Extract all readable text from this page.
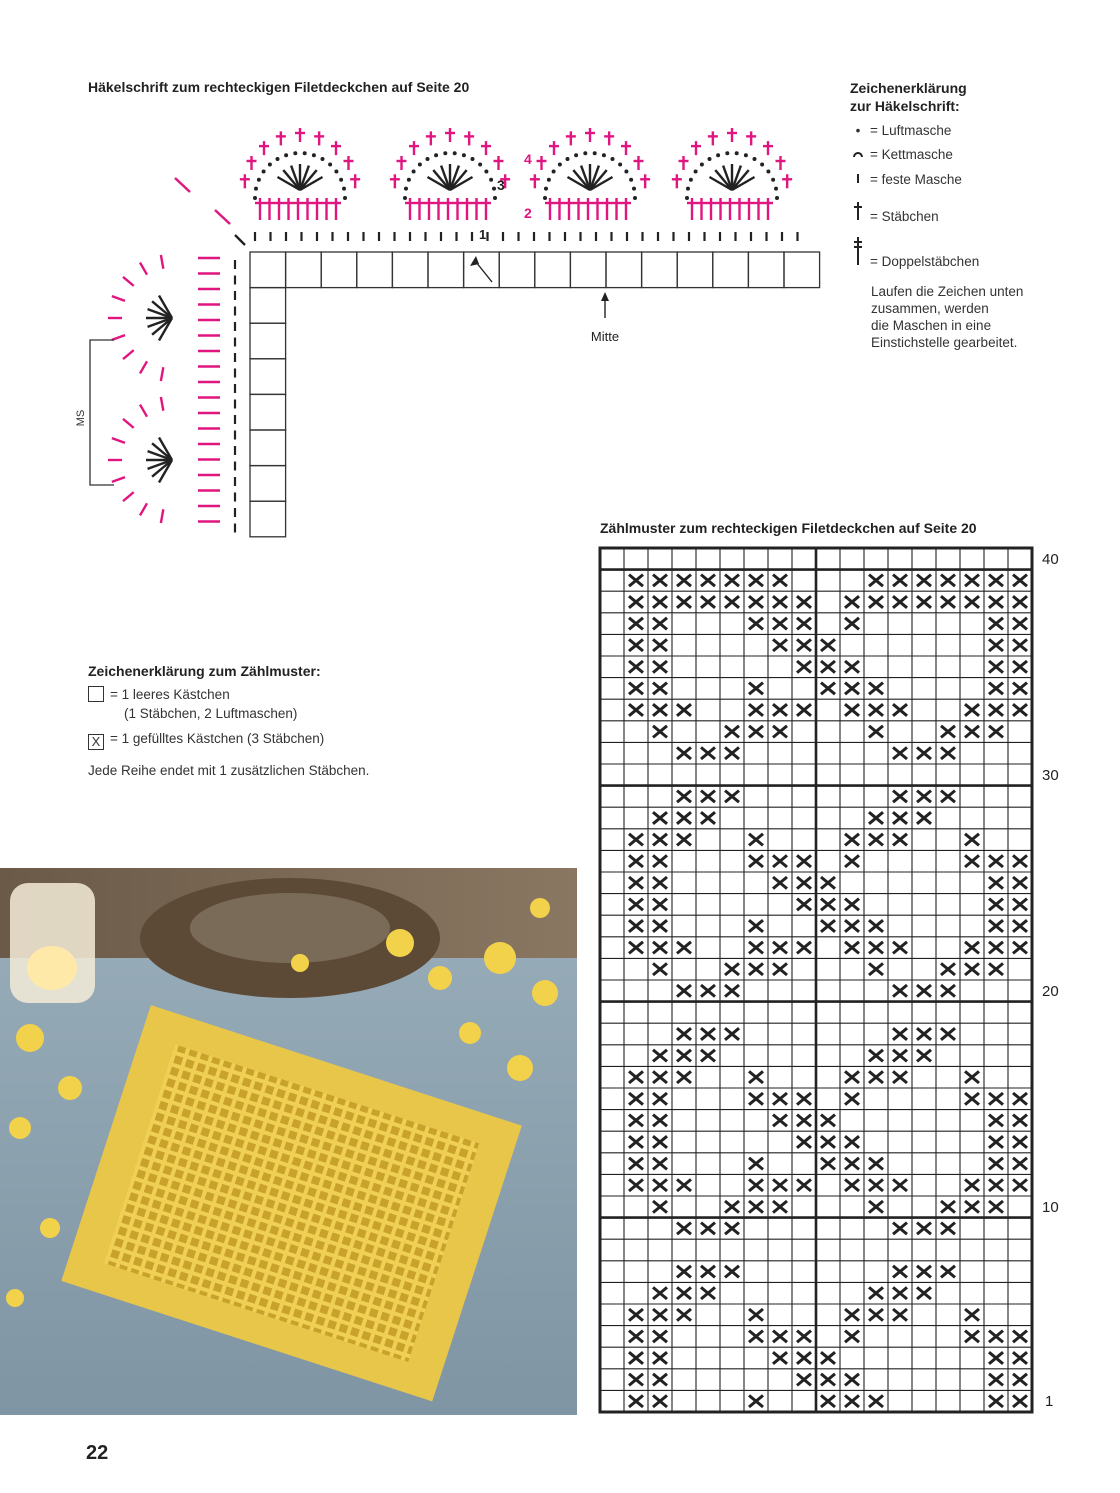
Häkelschrift zum rechteckigen Filetdeckchen auf Seite 20
MS
Mitte
1
2
3
4
Zeichenerklärung
zur Häkelschrift:
• = Luftmasche
= Kettmasche
= feste Masche
= Stäbchen
= Doppelstäbchen
Laufen die Zeichen unten
zusammen, werden
die Maschen in eine
Einstichstelle gearbeitet.
Zeichenerklärung zum Zählmuster:
= 1 leeres Kästchen
(1 Stäbchen, 2 Luftmaschen)
X = 1 gefülltes Kästchen (3 Stäbchen)
Jede Reihe endet mit 1 zusätzlichen Stäbchen.
Zählmuster zum rechteckigen Filetdeckchen auf Seite 20
40
30
20
10
1
22
